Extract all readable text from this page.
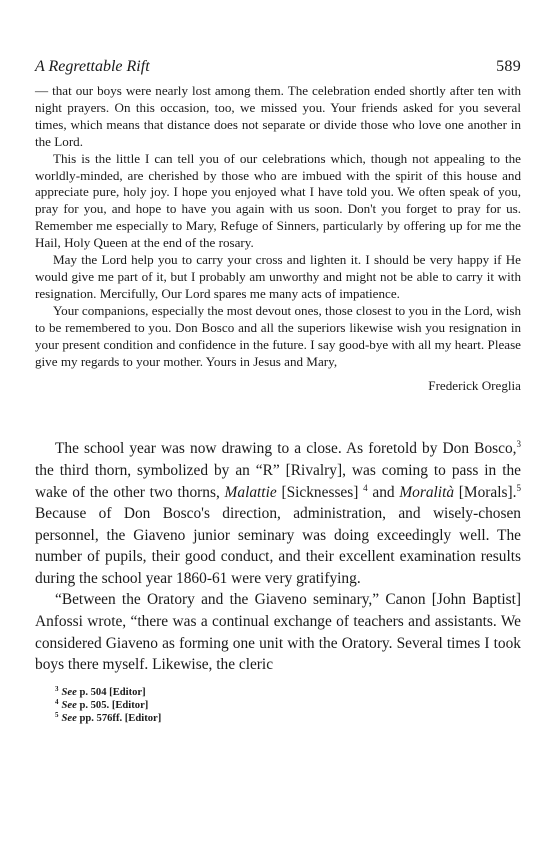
A Regrettable Rift	589

— that our boys were nearly lost among them. The celebration ended shortly after ten with night prayers. On this occasion, too, we missed you. Your friends asked for you several times, which means that distance does not separate or divide those who love one another in the Lord.

This is the little I can tell you of our celebrations which, though not appealing to the worldly-minded, are cherished by those who are imbued with the spirit of this house and appreciate pure, holy joy. I hope you enjoyed what I have told you. We often speak of you, pray for you, and hope to have you again with us soon. Don't you forget to pray for us. Remember me especially to Mary, Refuge of Sinners, particularly by offering up for me the Hail, Holy Queen at the end of the rosary.

May the Lord help you to carry your cross and lighten it. I should be very happy if He would give me part of it, but I probably am unworthy and might not be able to carry it with resignation. Mercifully, Our Lord spares me many acts of impatience.

Your companions, especially the most devout ones, those closest to you in the Lord, wish to be remembered to you. Don Bosco and all the superiors likewise wish you resignation in your present condition and confidence in the future. I say good-bye with all my heart. Please give my regards to your mother. Yours in Jesus and Mary,

Frederick Oreglia

The school year was now drawing to a close. As foretold by Don Bosco,$^3$ the third thorn, symbolized by an “R” [Rivalry], was coming to pass in the wake of the other two thorns, Malattie [Sicknesses] $^4$ and Moralità [Morals].$^5$ Because of Don Bosco's direction, administration, and wisely-chosen personnel, the Giaveno junior seminary was doing exceedingly well. The number of pupils, their good conduct, and their excellent examination results during the school year 1860-61 were very gratifying.

“Between the Oratory and the Giaveno seminary,” Canon [John Baptist] Anfossi wrote, “there was a continual exchange of teachers and assistants. We considered Giaveno as forming one unit with the Oratory. Several times I took boys there myself. Likewise, the cleric

$^3$ See p. 504 [Editor]
$^4$ See p. 505. [Editor]
$^5$ See pp. 576ff. [Editor]
